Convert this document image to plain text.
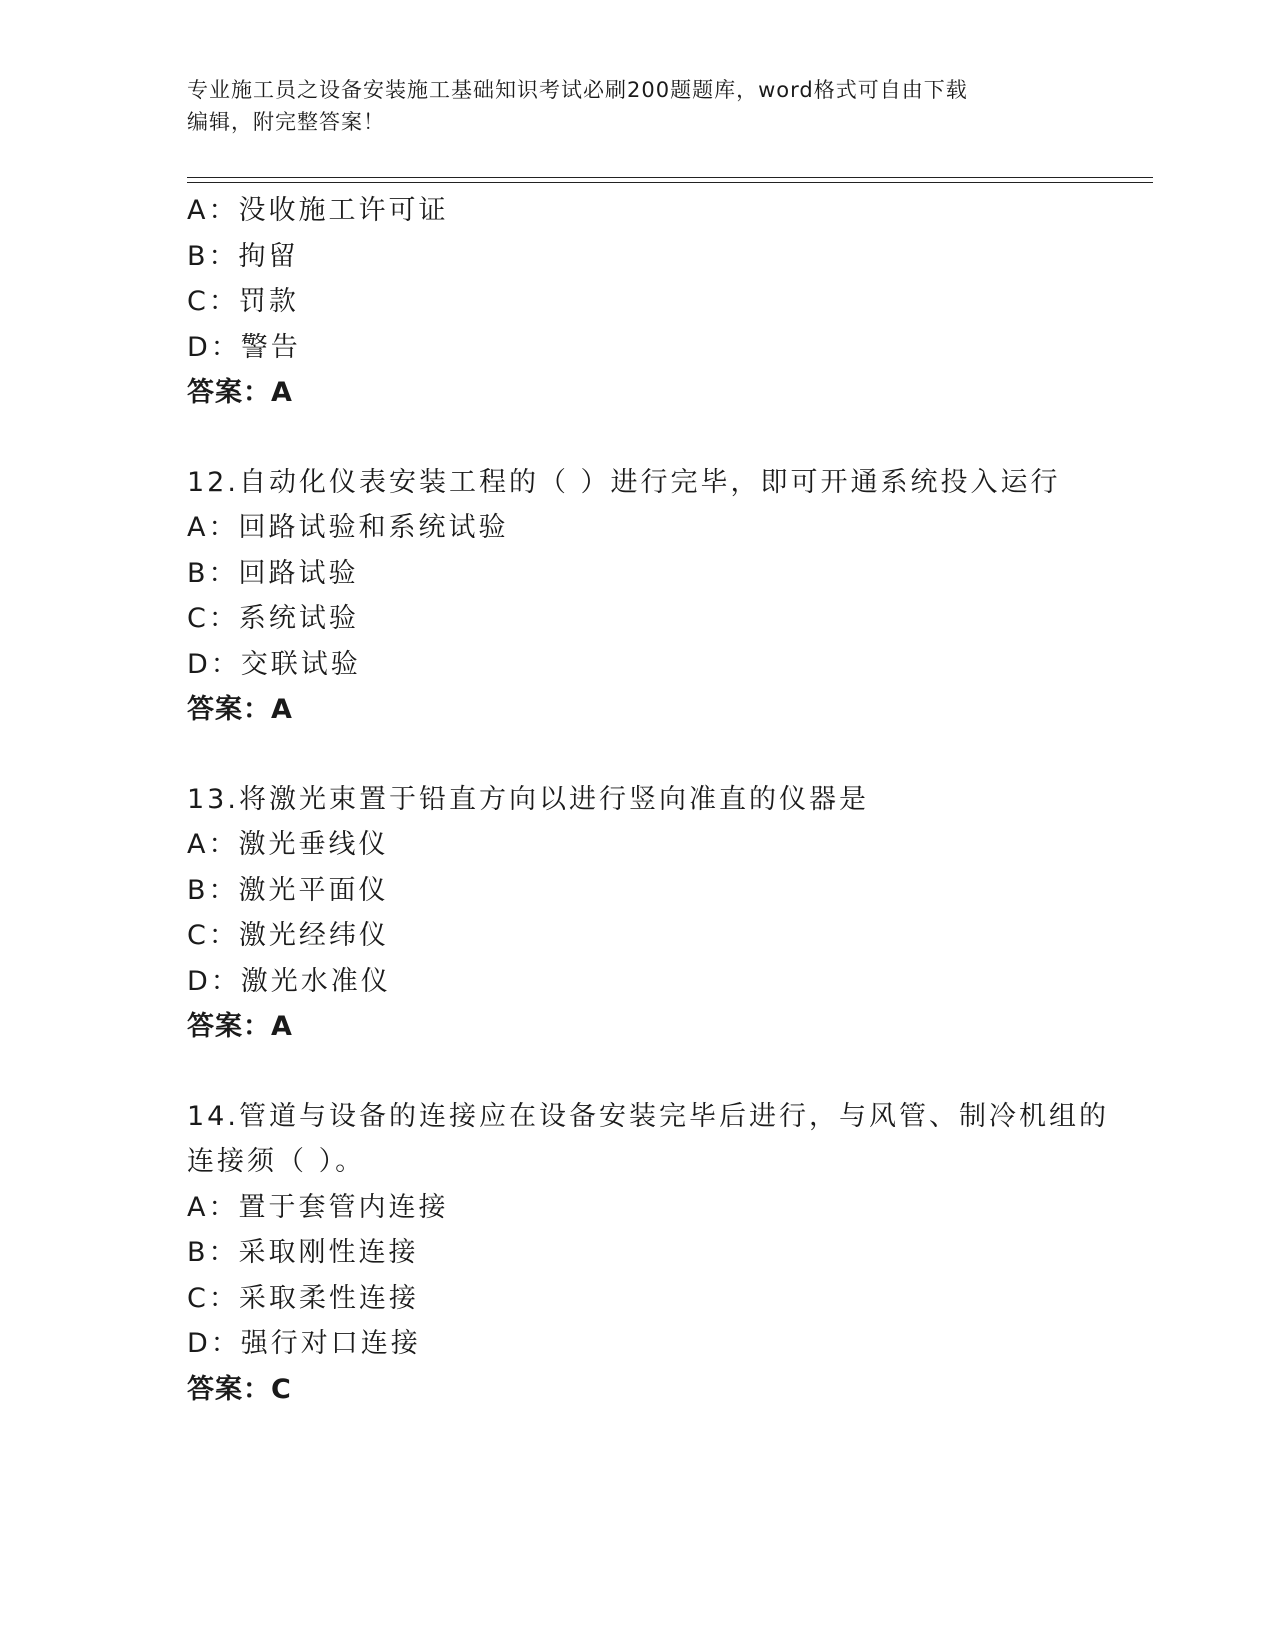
专业施工员之设备安装施工基础知识考试必刷200题题库，word格式可自由下载
编辑，附完整答案！
A：没收施工许可证
B：拘留
C：罚款
D：警告
答案：A
12.自动化仪表安装工程的（ ）进行完毕，即可开通系统投入运行
A：回路试验和系统试验
B：回路试验
C：系统试验
D：交联试验
答案：A
13.将激光束置于铅直方向以进行竖向准直的仪器是
A：激光垂线仪
B：激光平面仪
C：激光经纬仪
D：激光水准仪
答案：A
14.管道与设备的连接应在设备安装完毕后进行，与风管、制冷机组的
连接须（ ）。
A：置于套管内连接
B：采取刚性连接
C：采取柔性连接
D：强行对口连接
答案：C
